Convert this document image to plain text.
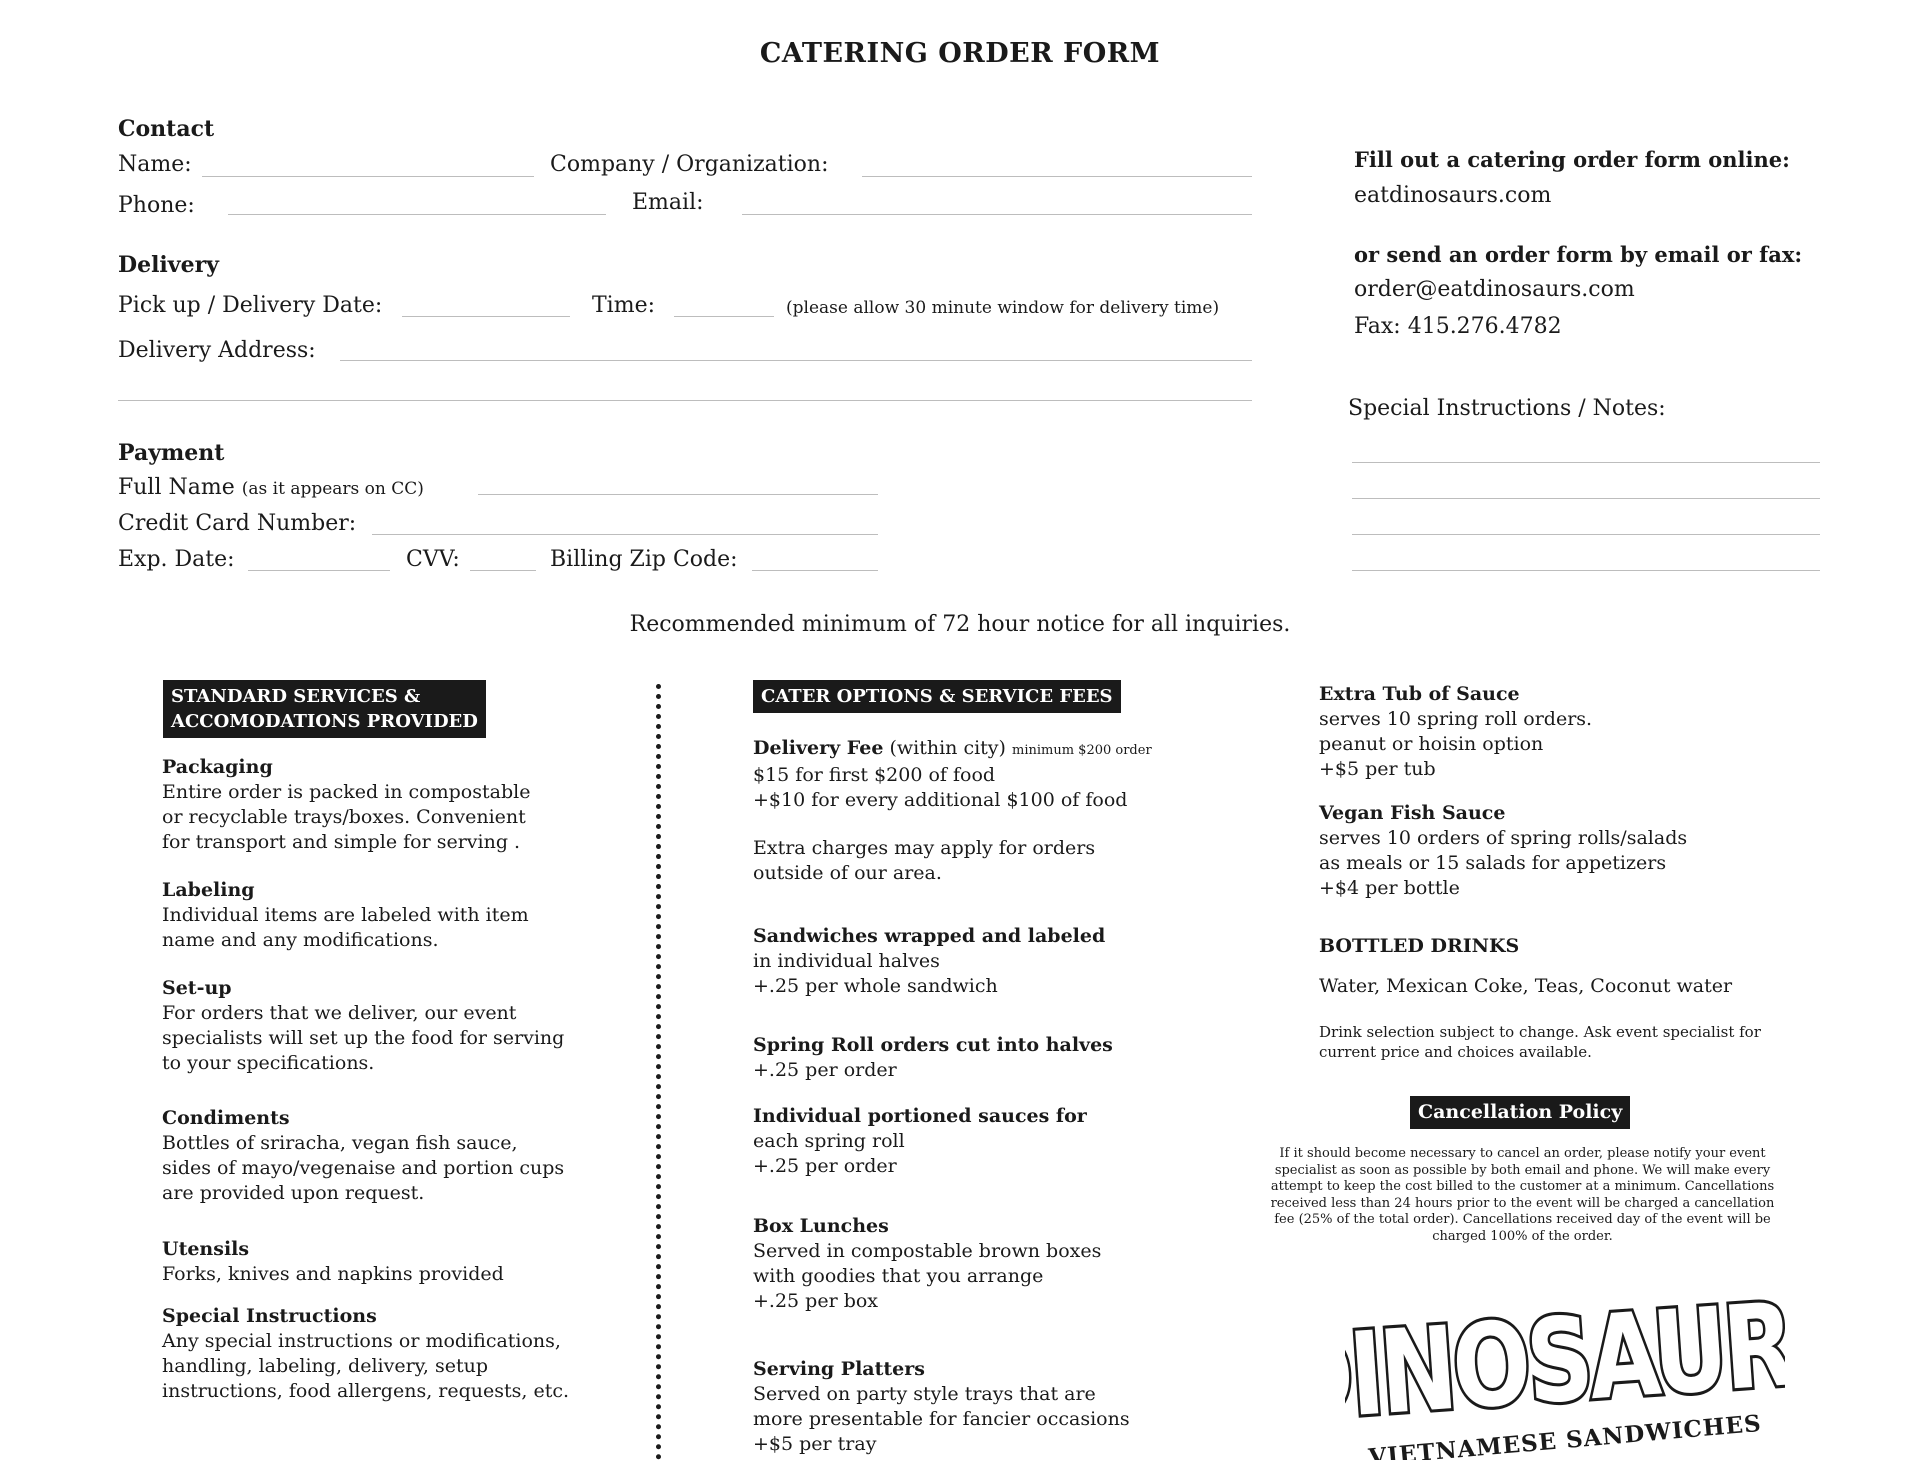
CATERING ORDER FORM
Contact
Name:	Company / Organization:
Phone:	Email:
Delivery
Pick up / Delivery Date:	Time:	(please allow 30 minute window for delivery time)
Delivery Address:
Payment
Full Name (as it appears on CC)
Credit Card Number:
Exp. Date:	CVV:	Billing Zip Code:
Fill out a catering order form online:
eatdinosaurs.com
or send an order form by email or fax:
order@eatdinosaurs.com
Fax: 415.276.4782
Special Instructions / Notes:
Recommended minimum of 72 hour notice for all inquiries.
STANDARD SERVICES &
ACCOMODATIONS PROVIDED
Packaging
Entire order is packed in compostable
or recyclable trays/boxes. Convenient
for transport and simple for serving .
Labeling
Individual items are labeled with item
name and any modifications.
Set-up
For orders that we deliver, our event
specialists will set up the food for serving
to your specifications.
Condiments
Bottles of sriracha, vegan fish sauce,
sides of mayo/vegenaise and portion cups
are provided upon request.
Utensils
Forks, knives and napkins provided
Special Instructions
Any special instructions or modifications,
handling, labeling, delivery, setup
instructions, food allergens, requests, etc.
CATER OPTIONS & SERVICE FEES
Delivery Fee (within city) minimum $200 order
$15 for first $200 of food
+$10 for every additional $100 of food
Extra charges may apply for orders
outside of our area.
Sandwiches wrapped and labeled
in individual halves
+.25 per whole sandwich
Spring Roll orders cut into halves
+.25 per order
Individual portioned sauces for
each spring roll
+.25 per order
Box Lunches
Served in compostable brown boxes
with goodies that you arrange
+.25 per box
Serving Platters
Served on party style trays that are
more presentable for fancier occasions
+$5 per tray
Extra Tub of Sauce
serves 10 spring roll orders.
peanut or hoisin option
+$5 per tub
Vegan Fish Sauce
serves 10 orders of spring rolls/salads
as meals or 15 salads for appetizers
+$4 per bottle
BOTTLED DRINKS
Water, Mexican Coke, Teas, Coconut water
Drink selection subject to change. Ask event specialist for
current price and choices available.
Cancellation Policy
If it should become necessary to cancel an order, please notify your event
specialist as soon as possible by both email and phone. We will make every
attempt to keep the cost billed to the customer at a minimum. Cancellations
received less than 24 hours prior to the event will be charged a cancellation
fee (25% of the total order). Cancellations received day of the event will be
charged 100% of the order.
DINOSAURS
VIETNAMESE SANDWICHES
